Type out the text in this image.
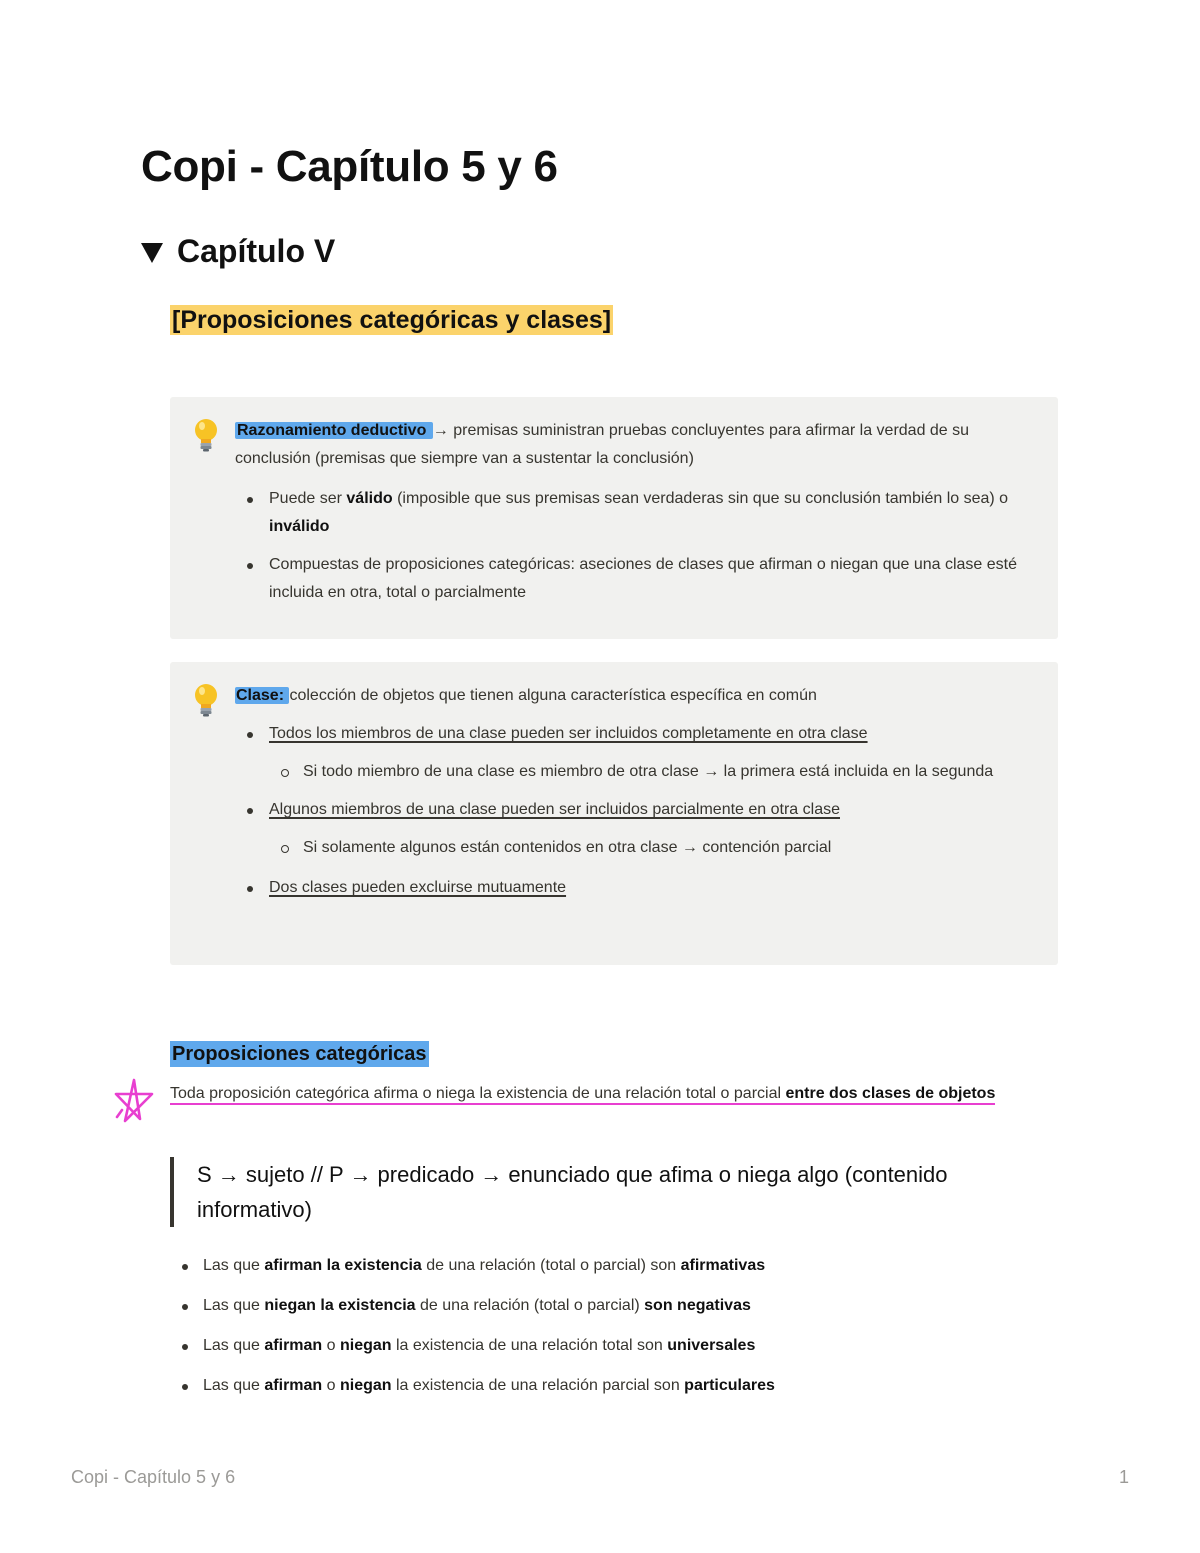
Copi - Capítulo 5 y 6
Capítulo V
[Proposiciones categóricas y clases]

Razonamiento deductivo → premisas suministran pruebas concluyentes para afirmar la verdad de su conclusión (premisas que siempre van a sustentar la conclusión)

Puede ser válido (imposible que sus premisas sean verdaderas sin que su conclusión también lo sea) o inválido
Compuestas de proposiciones categóricas: aseciones de clases que afirman o niegan que una clase esté incluida en otra, total o parcialmente

Clase: colección de objetos que tienen alguna característica específica en común

Todos los miembros de una clase pueden ser incluidos completamente en otra clase
Si todo miembro de una clase es miembro de otra clase → la primera está incluida en la segunda
Algunos miembros de una clase pueden ser incluidos parcialmente en otra clase
Si solamente algunos están contenidos en otra clase → contención parcial
Dos clases pueden excluirse mutuamente
Proposiciones categóricas

Toda proposición categórica afirma o niega la existencia de una relación total o parcial entre dos clases de objetos

S → sujeto // P → predicado → enunciado que afima o niega algo (contenido informativo)
Las que afirman la existencia de una relación (total o parcial) son afirmativas
Las que niegan la existencia de una relación (total o parcial) son negativas
Las que afirman o niegan la existencia de una relación total son universales
Las que afirman o niegan la existencia de una relación parcial son particulares
Copi - Capítulo 5 y 6	1
